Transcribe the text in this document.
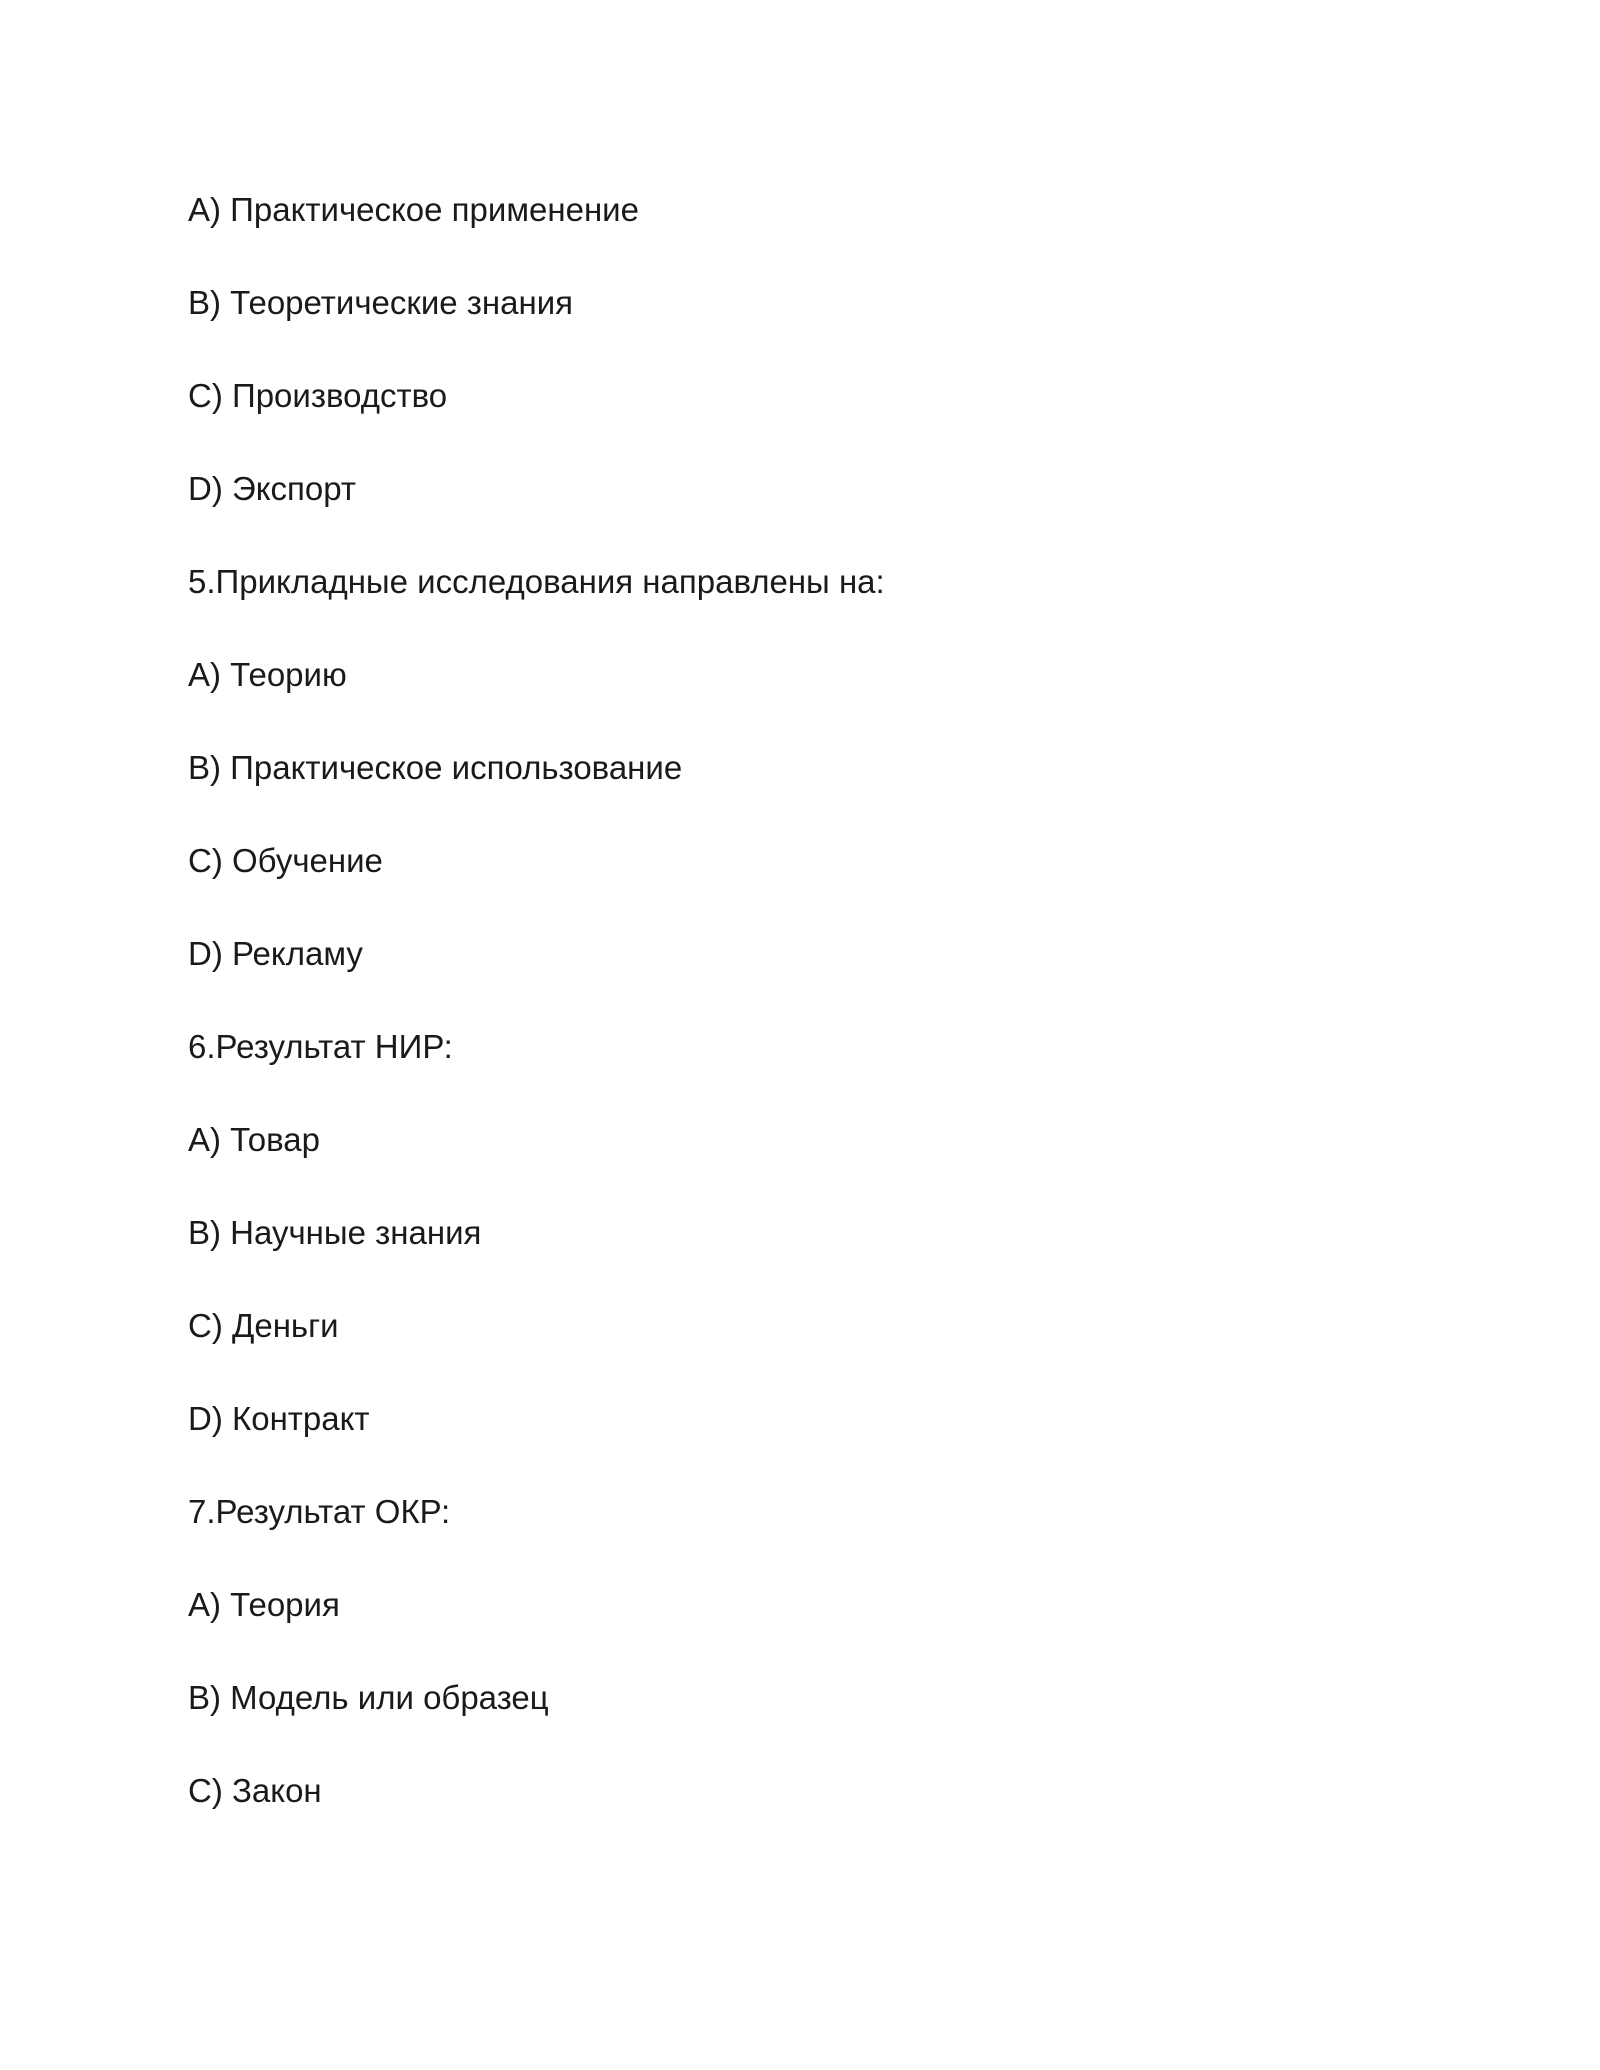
A) Практическое применение
B) Теоретические знания
C) Производство
D) Экспорт
5.Прикладные исследования направлены на:
A) Теорию
B) Практическое использование
C) Обучение
D) Рекламу
6.Результат НИР:
A) Товар
B) Научные знания
C) Деньги
D) Контракт
7.Результат ОКР:
A) Теория
B) Модель или образец
C) Закон
